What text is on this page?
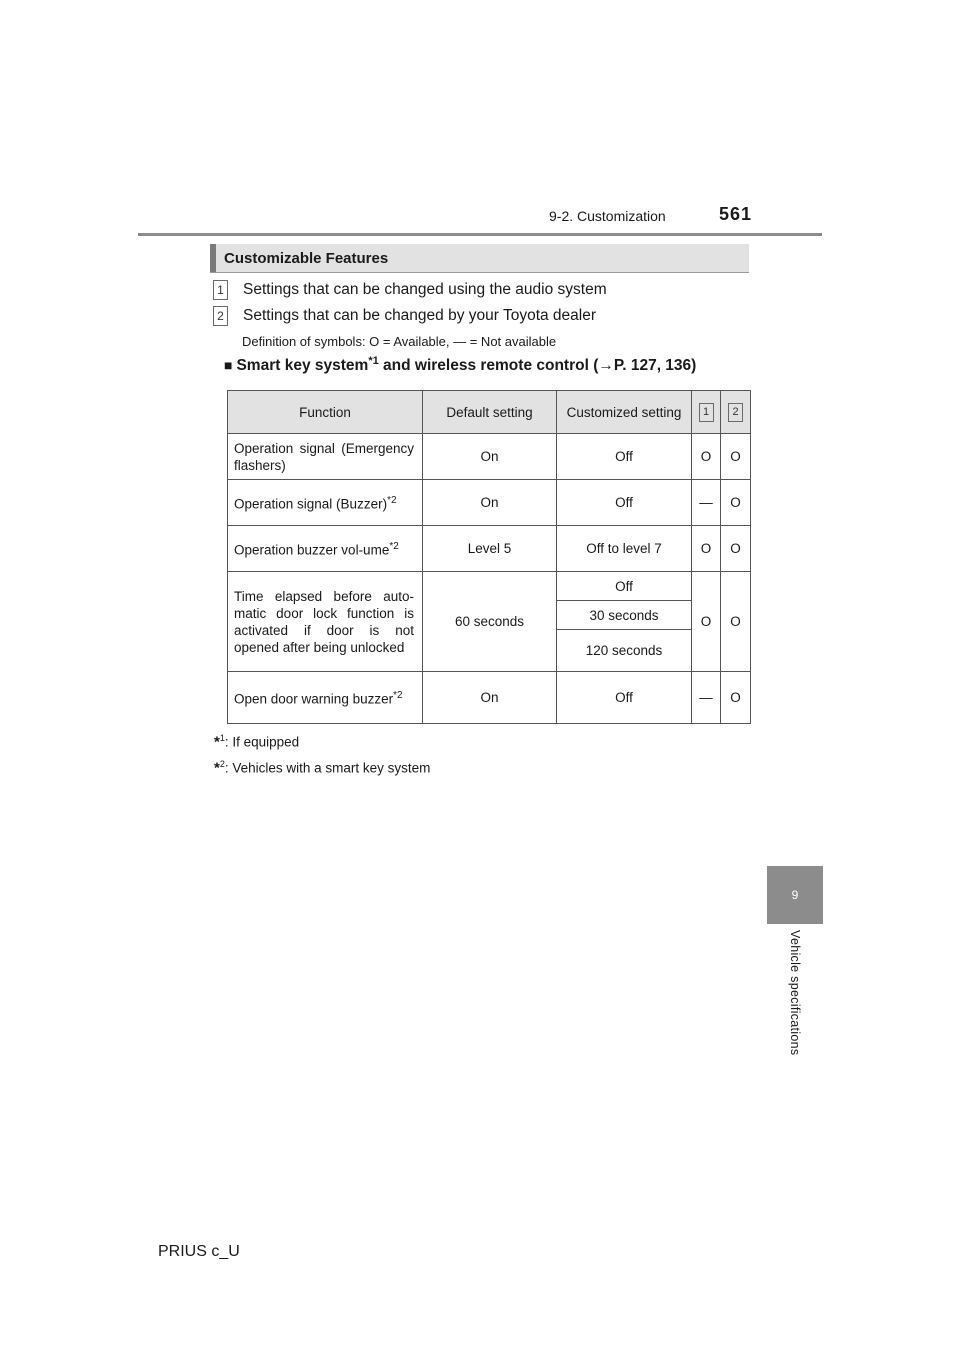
9-2. Customization	561
Customizable Features
1 Settings that can be changed using the audio system
2 Settings that can be changed by your Toyota dealer
Definition of symbols: O = Available, — = Not available
■ Smart key system$^{*1}$ and wireless remote control (→P. 127, 136)
Function	Default setting	Customized setting	1	2
Operation signal (Emergency flashers)	On	Off	O	O
Operation signal (Buzzer)$^{*2}$	On	Off	—	O
Operation buzzer vol-ume$^{*2}$	Level 5	Off to level 7	O	O
Time elapsed before auto-matic door lock function is activated if door is not opened after being unlocked	60 seconds	Off	O	O
		30 seconds		
		120 seconds		
Open door warning buzzer$^{*2}$	On	Off	—	O
*$^1$: If equipped
*$^2$: Vehicles with a smart key system
9
Vehicle specifications
PRIUS c_U
